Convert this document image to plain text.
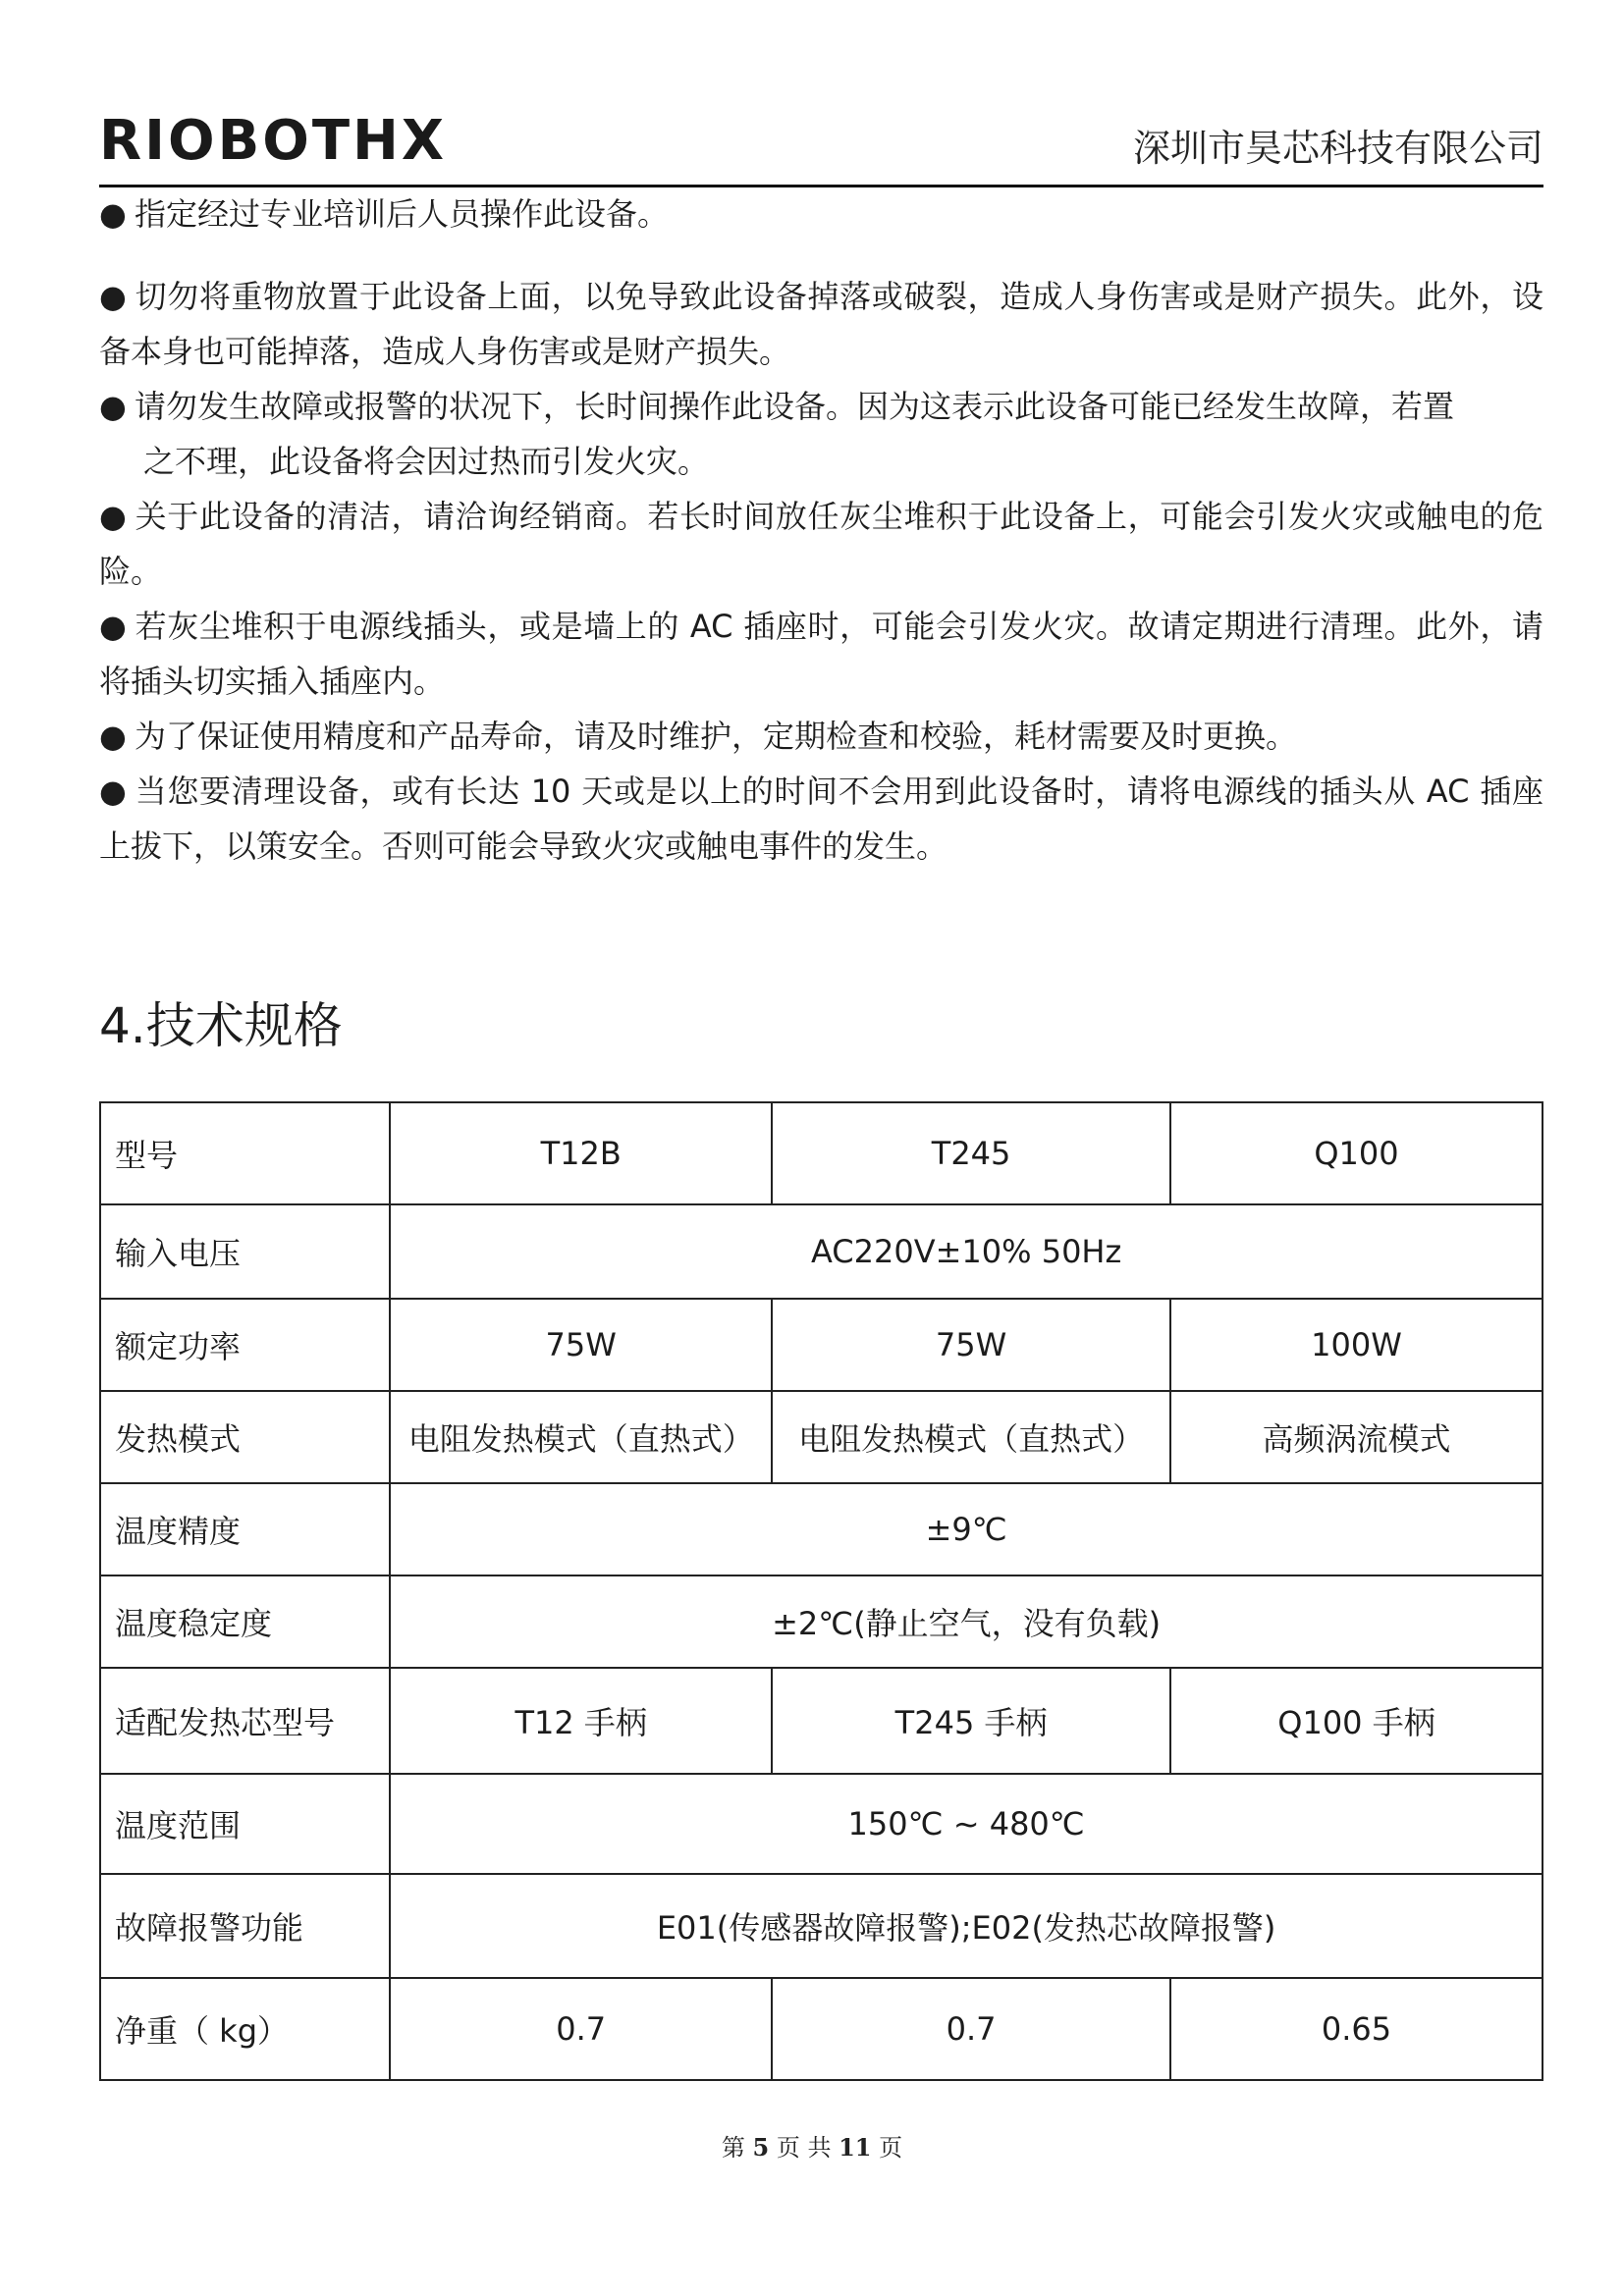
RIOBOTHX	深圳市昊芯科技有限公司

● 指定经过专业培训后人员操作此设备。

● 切勿将重物放置于此设备上面，以免导致此设备掉落或破裂，造成人身伤害或是财产损失。此外，设备本身也可能掉落，造成人身伤害或是财产损失。

● 请勿发生故障或报警的状况下，长时间操作此设备。因为这表示此设备可能已经发生故障，若置
之不理，此设备将会因过热而引发火灾。

● 关于此设备的清洁，请洽询经销商。若长时间放任灰尘堆积于此设备上，可能会引发火灾或触电的危险。

● 若灰尘堆积于电源线插头，或是墙上的 AC 插座时，可能会引发火灾。故请定期进行清理。此外，请将插头切实插入插座内。

● 为了保证使用精度和产品寿命，请及时维护，定期检查和校验，耗材需要及时更换。

● 当您要清理设备，或有长达 10 天或是以上的时间不会用到此设备时，请将电源线的插头从 AC 插座上拔下，以策安全。否则可能会导致火灾或触电事件的发生。

4.技术规格
型号	T12B	T245	Q100
输入电压	AC220V±10% 50Hz		
额定功率	75W	75W	100W
发热模式	电阻发热模式（直热式）	电阻发热模式（直热式）	高频涡流模式
温度精度	±9℃		
温度稳定度	±2℃(静止空气，没有负载)		
适配发热芯型号	T12 手柄	T245 手柄	Q100 手柄
温度范围	150℃ ~ 480℃		
故障报警功能	E01(传感器故障报警);E02(发热芯故障报警)		
净重（ kg）	0.7	0.7	0.65
第 5 页 共 11 页
